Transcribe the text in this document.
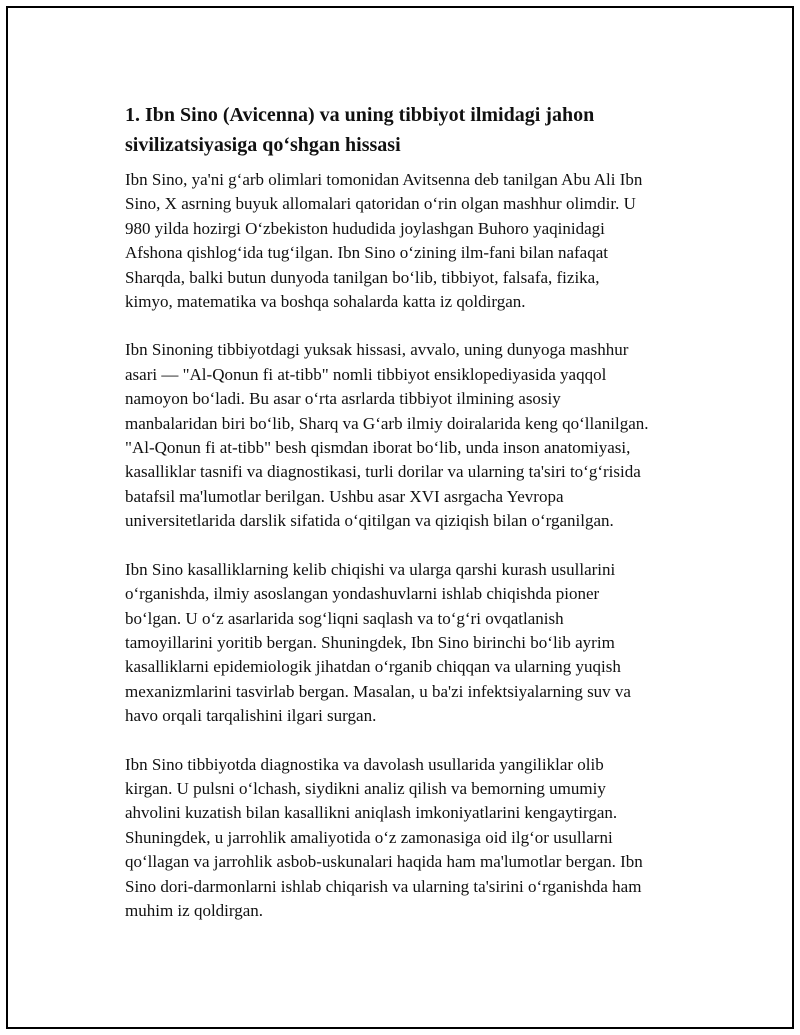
1. Ibn Sino (Avicenna) va uning tibbiyot ilmidagi jahon
sivilizatsiyasiga qo‘shgan hissasi

Ibn Sino, ya'ni g‘arb olimlari tomonidan Avitsenna deb tanilgan Abu Ali Ibn
Sino, X asrning buyuk allomalari qatoridan o‘rin olgan mashhur olimdir. U
980 yilda hozirgi O‘zbekiston hududida joylashgan Buhoro yaqinidagi
Afshona qishlog‘ida tug‘ilgan. Ibn Sino o‘zining ilm-fani bilan nafaqat
Sharqda, balki butun dunyoda tanilgan bo‘lib, tibbiyot, falsafa, fizika,
kimyo, matematika va boshqa sohalarda katta iz qoldirgan.

Ibn Sinoning tibbiyotdagi yuksak hissasi, avvalo, uning dunyoga mashhur
asari — "Al-Qonun fi at-tibb" nomli tibbiyot ensiklopediyasida yaqqol
namoyon bo‘ladi. Bu asar o‘rta asrlarda tibbiyot ilmining asosiy
manbalaridan biri bo‘lib, Sharq va G‘arb ilmiy doiralarida keng qo‘llanilgan.
"Al-Qonun fi at-tibb" besh qismdan iborat bo‘lib, unda inson anatomiyasi,
kasalliklar tasnifi va diagnostikasi, turli dorilar va ularning ta'siri to‘g‘risida
batafsil ma'lumotlar berilgan. Ushbu asar XVI asrgacha Yevropa
universitetlarida darslik sifatida o‘qitilgan va qiziqish bilan o‘rganilgan.

Ibn Sino kasalliklarning kelib chiqishi va ularga qarshi kurash usullarini
o‘rganishda, ilmiy asoslangan yondashuvlarni ishlab chiqishda pioner
bo‘lgan. U o‘z asarlarida sog‘liqni saqlash va to‘g‘ri ovqatlanish
tamoyillarini yoritib bergan. Shuningdek, Ibn Sino birinchi bo‘lib ayrim
kasalliklarni epidemiologik jihatdan o‘rganib chiqqan va ularning yuqish
mexanizmlarini tasvirlab bergan. Masalan, u ba'zi infektsiyalarning suv va
havo orqali tarqalishini ilgari surgan.

Ibn Sino tibbiyotda diagnostika va davolash usullarida yangiliklar olib
kirgan. U pulsni o‘lchash, siydikni analiz qilish va bemorning umumiy
ahvolini kuzatish bilan kasallikni aniqlash imkoniyatlarini kengaytirgan.
Shuningdek, u jarrohlik amaliyotida o‘z zamonasiga oid ilg‘or usullarni
qo‘llagan va jarrohlik asbob-uskunalari haqida ham ma'lumotlar bergan. Ibn
Sino dori-darmonlarni ishlab chiqarish va ularning ta'sirini o‘rganishda ham
muhim iz qoldirgan.
